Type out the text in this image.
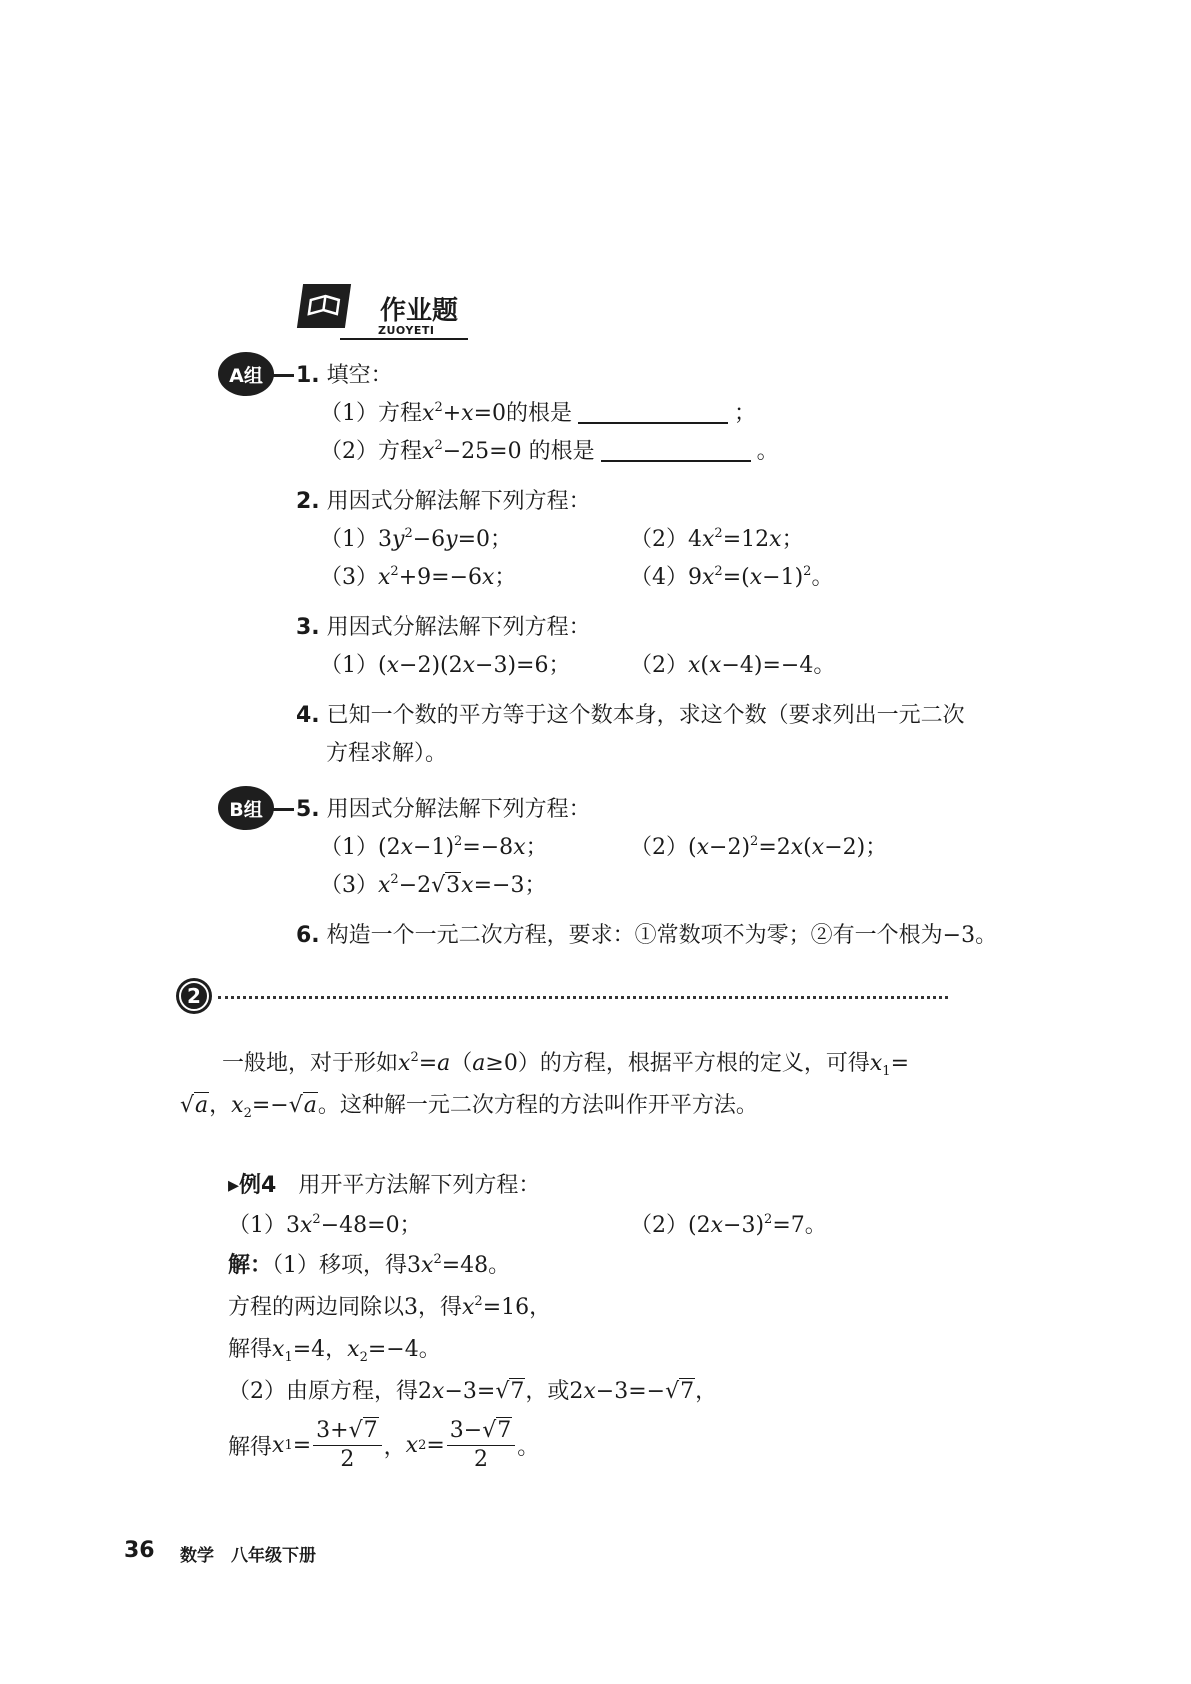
作业题
ZUOYETI
A组	1. 填空：
（1）方程$x^2+x=0$的根是	；
（2）方程$x^2-25=0$ 的根是	。
2. 用因式分解法解下列方程：
$(1)3y^2-6y=0$；	$(2)4x^2=12x$；
$(3)x^2+9=-6x$；	$(4)9x^2=(x-1)^2$。
3. 用因式分解法解下列方程：
（1）(x−2)(2x−3)=6；	（2）x(x−4)=−4。
4. 已知一个数的平方等于这个数本身，求这个数（要求列出一元二次
方程求解）。
B组	5. 用因式分解法解下列方程：
$(1)(2x-1)^2=-8x$；	$(2)(x-2)^2=2x(x-2)$；
$(3)x^2-2√3x=-3$；
6. 构造一个一元二次方程，要求：①常数项不为零；②有一个根为−3。
2
一般地，对于形如$x^2=a(a\ge 0)$的方程，根据平方根的定义，可得$x_1=$
√a，$x_2=-√a$。这种解一元二次方程的方法叫作开平方法。
▸例4　 用开平方法解下列方程：
$(1)3x^2-48=0$；	$(2)(2x-3)^2=7$。
解：（1）移项，得$3x^2=48$。
方程的两边同除以3，得$x^2=16$，
解得$x_1=4$，$x_2=-4$。
（2）由原方程，得2x−3=√7，或2x−3=−√7，
解得 x $1 = \frac{3+√7}{2}$ ， x $2 = \frac{3-√7}{2}$ 。
36 数学　八年级下册
